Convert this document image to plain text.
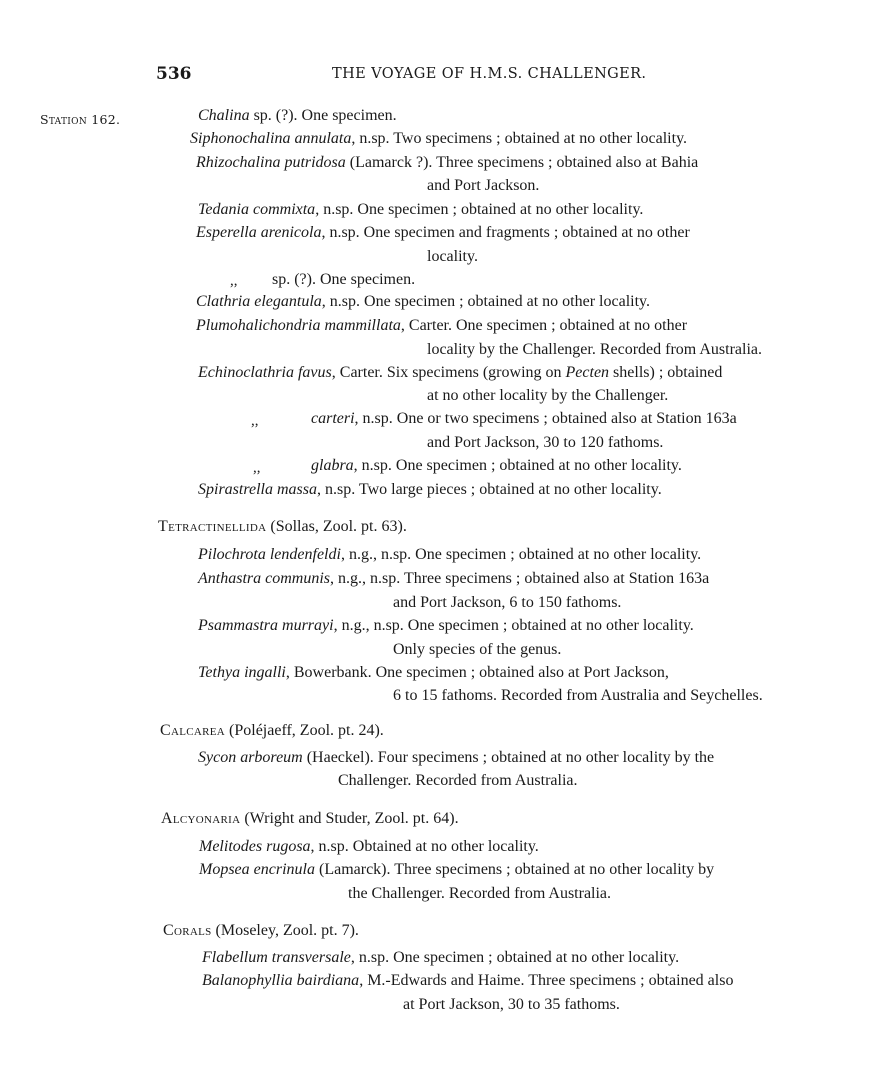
536	THE VOYAGE OF H.M.S. CHALLENGER.
Station 162.	Chalina sp. (?). One specimen.
Siphonochalina annulata, n.sp. Two specimens ; obtained at no other locality.
Rhizochalina putridosa (Lamarck ?). Three specimens ; obtained also at Bahia
and Port Jackson.
Tedania commixta, n.sp. One specimen ; obtained at no other locality.
Esperella arenicola, n.sp. One specimen and fragments ; obtained at no other
locality.
,, sp. (?). One specimen.
Clathria elegantula, n.sp. One specimen ; obtained at no other locality.
Plumohalichondria mammillata, Carter. One specimen ; obtained at no other
locality by the Challenger. Recorded from Australia.
Echinoclathria favus, Carter. Six specimens (growing on Pecten shells) ; obtained
at no other locality by the Challenger.
,,	carteri, n.sp. One or two specimens ; obtained also at Station 163a
and Port Jackson, 30 to 120 fathoms.
,,	glabra, n.sp. One specimen ; obtained at no other locality.
Spirastrella massa, n.sp. Two large pieces ; obtained at no other locality.
Tetractinellida (Sollas, Zool. pt. 63).
Pilochrota lendenfeldi, n.g., n.sp. One specimen ; obtained at no other locality.
Anthastra communis, n.g., n.sp. Three specimens ; obtained also at Station 163a
and Port Jackson, 6 to 150 fathoms.
Psammastra murrayi, n.g., n.sp. One specimen ; obtained at no other locality.
Only species of the genus.
Tethya ingalli, Bowerbank. One specimen ; obtained also at Port Jackson,
6 to 15 fathoms. Recorded from Australia and Seychelles.
Calcarea (Poléjaeff, Zool. pt. 24).
Sycon arboreum (Haeckel). Four specimens ; obtained at no other locality by the
Challenger. Recorded from Australia.
Alcyonaria (Wright and Studer, Zool. pt. 64).
Melitodes rugosa, n.sp. Obtained at no other locality.
Mopsea encrinula (Lamarck). Three specimens ; obtained at no other locality by
the Challenger. Recorded from Australia.
Corals (Moseley, Zool. pt. 7).
Flabellum transversale, n.sp. One specimen ; obtained at no other locality.
Balanophyllia bairdiana, M.-Edwards and Haime. Three specimens ; obtained also
at Port Jackson, 30 to 35 fathoms.
